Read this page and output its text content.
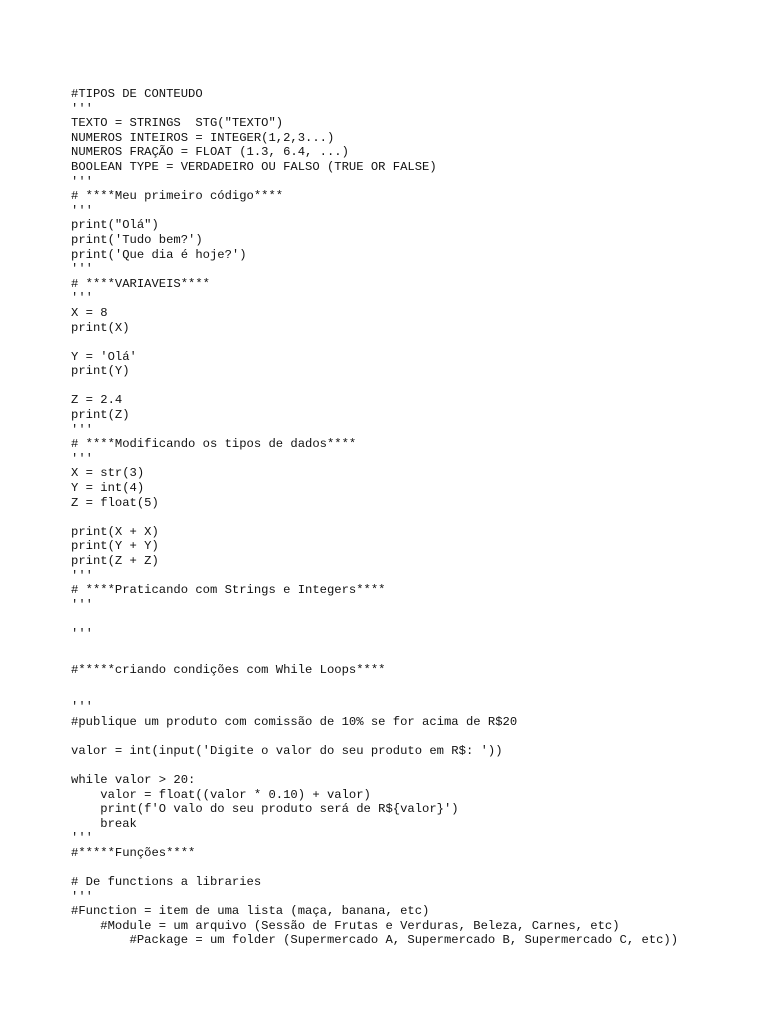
#TIPOS DE CONTEUDO
'''
TEXTO = STRINGS  STG("TEXTO")
NUMEROS INTEIROS = INTEGER(1,2,3...)
NUMEROS FRAÇÃO = FLOAT (1.3, 6.4, ...)
BOOLEAN TYPE = VERDADEIRO OU FALSO (TRUE OR FALSE)
'''
# ****Meu primeiro código****
'''
print("Olá")
print('Tudo bem?')
print('Que dia é hoje?')
'''
# ****VARIAVEIS****
'''
X = 8
print(X)
Y = 'Olá'
print(Y)
Z = 2.4
print(Z)
'''
# ****Modificando os tipos de dados****
'''
X = str(3)
Y = int(4)
Z = float(5)
print(X + X)
print(Y + Y)
print(Z + Z)
'''
# ****Praticando com Strings e Integers****
'''
'''
#*****criando condições com While Loops****
'''
#publique um produto com comissão de 10% se for acima de R$20
valor = int(input('Digite o valor do seu produto em R$: '))
while valor > 20:
valor = float((valor * 0.10) + valor)
print(f'O valo do seu produto será de R${valor}')
break
'''
#*****Funções****
# De functions a libraries
'''
#Function = item de uma lista (maça, banana, etc)
#Module = um arquivo (Sessão de Frutas e Verduras, Beleza, Carnes, etc)
#Package = um folder (Supermercado A, Supermercado B, Supermercado C, etc))
